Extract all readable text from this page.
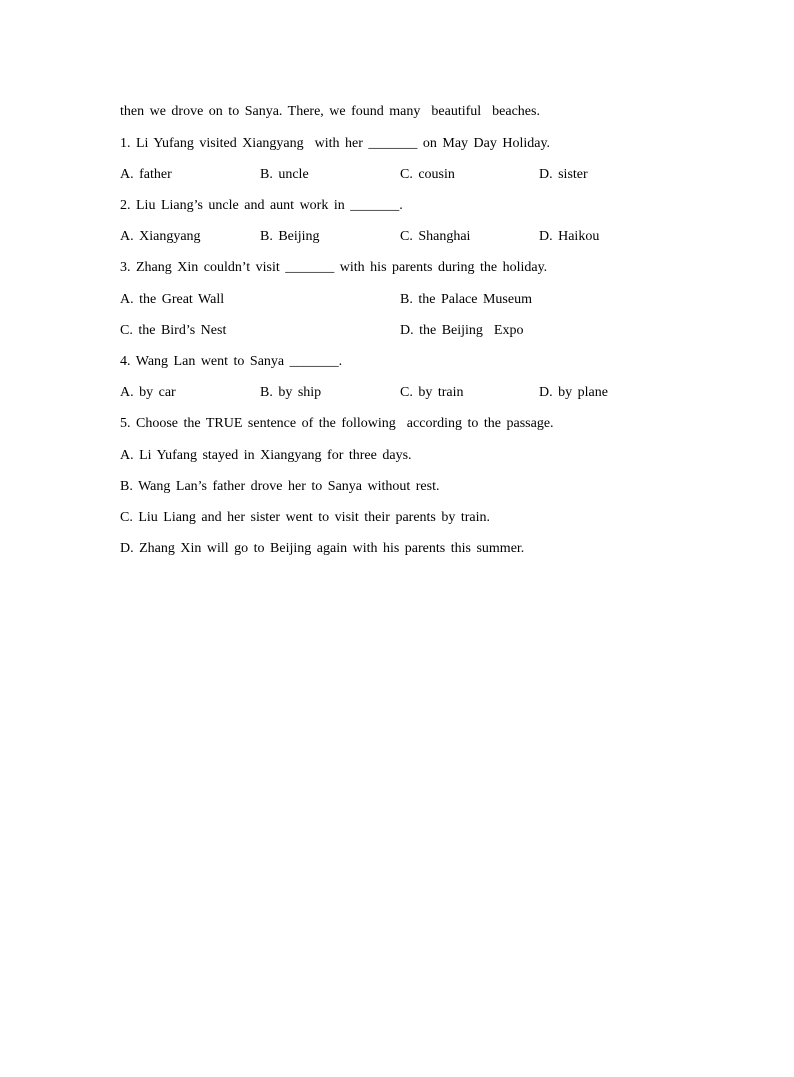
then we drove on to Sanya. There, we found many  beautiful  beaches.
1. Li Yufang visited Xiangyang  with her _______ on May Day Holiday.
A. father	B. uncle	C. cousin	D. sister
2. Liu Liang’s uncle and aunt work in _______.
A. Xiangyang	B. Beijing	C. Shanghai	D. Haikou
3. Zhang Xin couldn’t visit _______ with his parents during the holiday.
A. the Great Wall	B. the Palace Museum
C. the Bird’s Nest	D. the Beijing  Expo
4. Wang Lan went to Sanya _______.
A. by car	B. by ship	C. by train	D. by plane
5. Choose the TRUE sentence of the following  according to the passage.
A. Li Yufang stayed in Xiangyang for three days.
B. Wang Lan’s father drove her to Sanya without rest.
C. Liu Liang and her sister went to visit their parents by train.
D. Zhang Xin will go to Beijing again with his parents this summer.
